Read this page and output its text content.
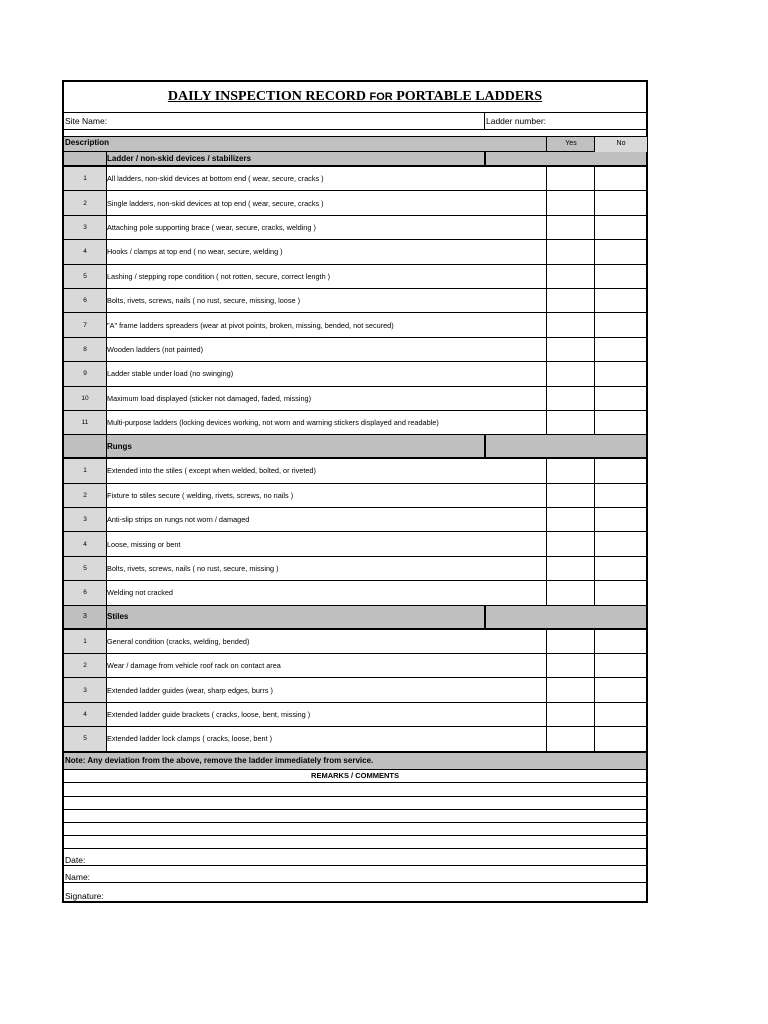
DAILY INSPECTION RECORD FOR PORTABLE LADDERS
Site Name:	Ladder number:
Description	Yes	No
Ladder / non-skid devices / stabilizers
1	All ladders, non-skid devices at bottom end ( wear, secure, cracks )
2	Single ladders, non-skid devices at top end ( wear, secure, cracks )
3	Attaching pole supporting brace ( wear, secure, cracks, welding )
4	Hooks / clamps at top end ( no wear, secure, welding )
5	Lashing / stepping rope condition ( not rotten, secure, correct length )
6	Bolts, rivets, screws, nails ( no rust, secure, missing, loose )
7	"A" frame ladders spreaders (wear at pivot points, broken, missing, bended, not secured)
8	Wooden ladders (not painted)
9	Ladder stable under load (no swinging)
10	Maximum load displayed (sticker not damaged, faded, missing)
11	Multi-purpose ladders (locking devices working, not worn and warning stickers displayed and readable)
Rungs
1	Extended into the stiles ( except when welded, bolted, or riveted)
2	Fixture to stiles secure ( welding, rivets, screws, no nails )
3	Anti-slip strips on rungs not worn / damaged
4	Loose, missing or bent
5	Bolts, rivets, screws, nails ( no rust, secure, missing )
6	Welding not cracked
3	Stiles
1	General condition (cracks, welding, bended)
2	Wear / damage from vehicle roof rack on contact area
3	Extended ladder guides (wear, sharp edges, burrs )
4	Extended ladder guide brackets ( cracks, loose, bent, missing )
5	Extended ladder lock clamps ( cracks, loose, bent )
Note: Any deviation from the above, remove the ladder immediately from service.
REMARKS / COMMENTS
Date:
Name:
Signature:
